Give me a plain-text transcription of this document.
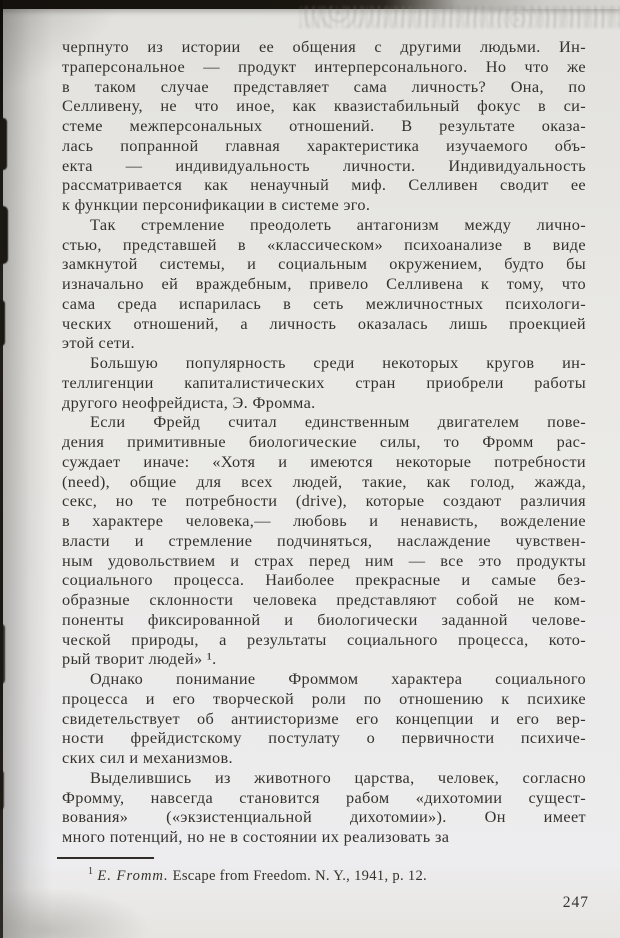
черпнуто из истории ее общения с другими людьми. Ин-
траперсональное — продукт интерперсонального. Но что же
в таком случае представляет сама личность? Она, по
Селливену, не что иное, как квазистабильный фокус в си-
стеме межперсональных отношений. В результате оказа-
лась попранной главная характеристика изучаемого объ-
екта — индивидуальность личности. Индивидуальность
рассматривается как ненаучный миф. Селливен сводит ее
к функции персонификации в системе эго.
Так стремление преодолеть антагонизм между лично-
стью, представшей в «классическом» психоанализе в виде
замкнутой системы, и социальным окружением, будто бы
изначально ей враждебным, привело Селливена к тому, что
сама среда испарилась в сеть межличностных психологи-
ческих отношений, а личность оказалась лишь проекцией
этой сети.
Большую популярность среди некоторых кругов ин-
теллигенции капиталистических стран приобрели работы
другого неофрейдиста, Э. Фромма.
Если Фрейд считал единственным двигателем пове-
дения примитивные биологические силы, то Фромм рас-
суждает иначе: «Хотя и имеются некоторые потребности
(need), общие для всех людей, такие, как голод, жажда,
секс, но те потребности (drive), которые создают различия
в характере человека,— любовь и ненависть, вожделение
власти и стремление подчиняться, наслаждение чувствен-
ным удовольствием и страх перед ним — все это продукты
социального процесса. Наиболее прекрасные и самые без-
образные склонности человека представляют собой не ком-
поненты фиксированной и биологически заданной челове-
ческой природы, а результаты социального процесса, кото-
рый творит людей» ¹.
Однако понимание Фроммом характера социального
процесса и его творческой роли по отношению к психике
свидетельствует об антиисторизме его концепции и его вер-
ности фрейдистскому постулату о первичности психиче-
ских сил и механизмов.
Выделившись из животного царства, человек, согласно
Фромму, навсегда становится рабом «дихотомии сущест-
вования» («экзистенциальной дихотомии»). Он имеет
много потенций, но не в состоянии их реализовать за
$^1$ E. Fromm. Escape from Freedom. N. Y., 1941, p. 12.
247
